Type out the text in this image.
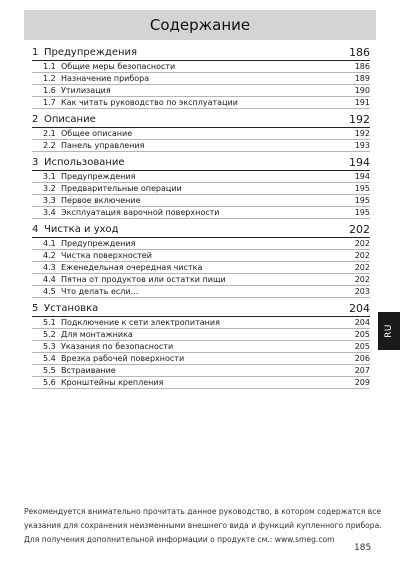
Содержание
1 Предупреждения	186
1.1 Общие меры безопасности	186
1.2 Назначение прибора	189
1.6 Утилизация	190
1.7 Как читать руководство по эксплуатации	191
2 Описание	192
2.1 Общее описание	192
2.2 Панель управления	193
3 Использование	194
3.1 Предупреждения	194
3.2 Предварительные операции	195
3.3 Первое включение	195
3.4 Эксплуатация варочной поверхности	195
4 Чистка и уход	202
4.1 Предупреждения	202
4.2 Чистка поверхностей	202
4.3 Еженедельная очередная чистка	202
4.4 Пятна от продуктов или остатки пищи	202
4.5 Что делать если...	203
5 Установка	204
5.1 Подключение к сети электропитания	204
5.2 Для монтажника	205
5.3 Указания по безопасности	205
5.4 Врезка рабочей поверхности	206
5.5 Встраивание	207
5.6 Кронштейны крепления	209
RU
Рекомендуется внимательно прочитать данное руководство, в котором содержатся все
указания для сохранения неизменными внешнего вида и функций купленного прибора.
Для получения дополнительной информации о продукте см.: www.smeg.com
185
